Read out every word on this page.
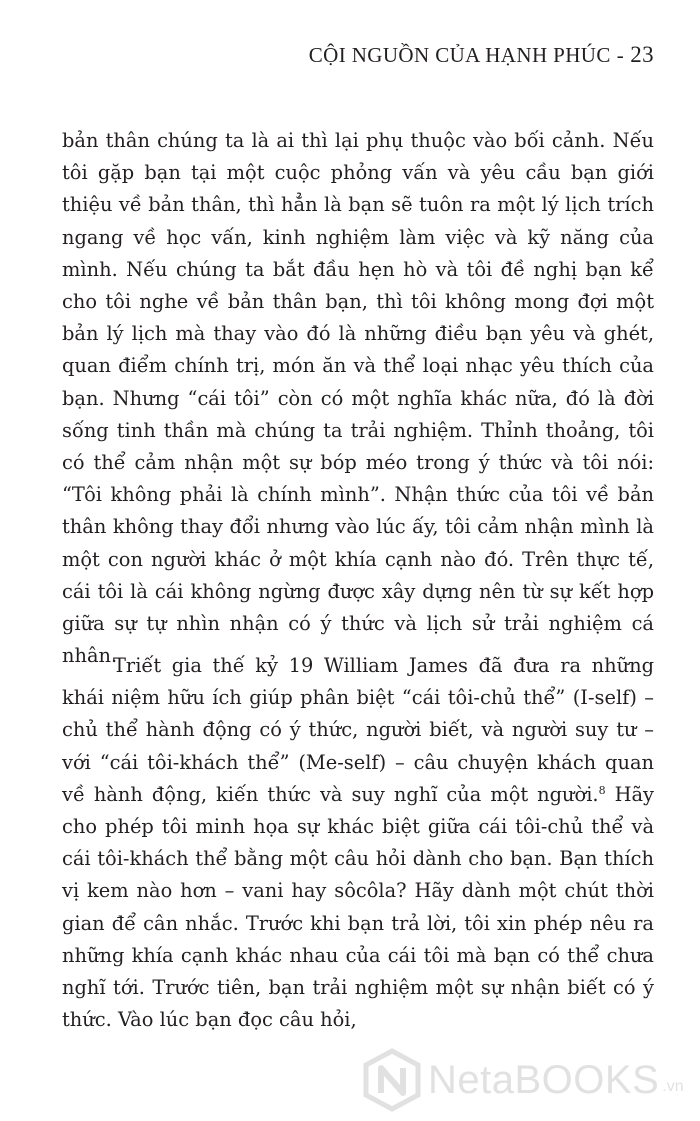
CỘI NGUỒN CỦA HẠNH PHÚC - 23

bản thân chúng ta là ai thì lại phụ thuộc vào bối cảnh. Nếu tôi gặp bạn tại một cuộc phỏng vấn và yêu cầu bạn giới thiệu về bản thân, thì hẳn là bạn sẽ tuôn ra một lý lịch trích ngang về học vấn, kinh nghiệm làm việc và kỹ năng của mình. Nếu chúng ta bắt đầu hẹn hò và tôi đề nghị bạn kể cho tôi nghe về bản thân bạn, thì tôi không mong đợi một bản lý lịch mà thay vào đó là những điều bạn yêu và ghét, quan điểm chính trị, món ăn và thể loại nhạc yêu thích của bạn. Nhưng “cái tôi” còn có một nghĩa khác nữa, đó là đời sống tinh thần mà chúng ta trải nghiệm. Thỉnh thoảng, tôi có thể cảm nhận một sự bóp méo trong ý thức và tôi nói: “Tôi không phải là chính mình”. Nhận thức của tôi về bản thân không thay đổi nhưng vào lúc ấy, tôi cảm nhận mình là một con người khác ở một khía cạnh nào đó. Trên thực tế, cái tôi là cái không ngừng được xây dựng nên từ sự kết hợp giữa sự tự nhìn nhận có ý thức và lịch sử trải nghiệm cá nhân.

Triết gia thế kỷ 19 William James đã đưa ra những khái niệm hữu ích giúp phân biệt “cái tôi-chủ thể” (I-self) – chủ thể hành động có ý thức, người biết, và người suy tư – với “cái tôi-khách thể” (Me-self) – câu chuyện khách quan về hành động, kiến thức và suy nghĩ của một người.$^8$ Hãy cho phép tôi minh họa sự khác biệt giữa cái tôi-chủ thể và cái tôi-khách thể bằng một câu hỏi dành cho bạn. Bạn thích vị kem nào hơn – vani hay sôcôla? Hãy dành một chút thời gian để cân nhắc. Trước khi bạn trả lời, tôi xin phép nêu ra những khía cạnh khác nhau của cái tôi mà bạn có thể chưa nghĩ tới. Trước tiên, bạn trải nghiệm một sự nhận biết có ý thức. Vào lúc bạn đọc câu hỏi,

NetaBOOKS .vn
